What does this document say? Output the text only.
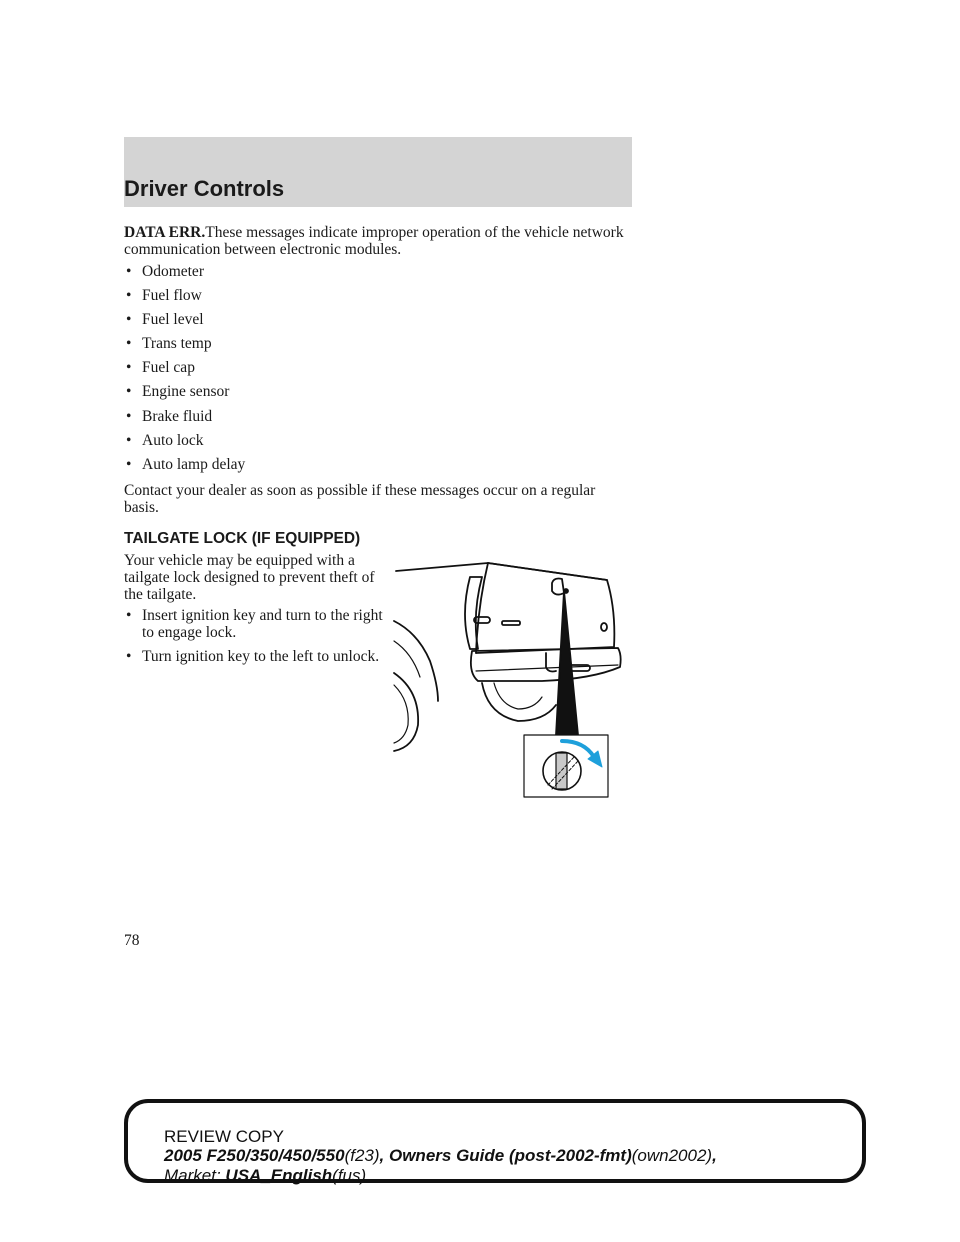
Driver Controls
DATA ERR.These messages indicate improper operation of the vehicle network communication between electronic modules.
• Odometer
• Fuel flow
• Fuel level
• Trans temp
• Fuel cap
• Engine sensor
• Brake fluid
• Auto lock
• Auto lamp delay
Contact your dealer as soon as possible if these messages occur on a regular basis.
TAILGATE LOCK (IF EQUIPPED)
Your vehicle may be equipped with a tailgate lock designed to prevent theft of the tailgate.
• Insert ignition key and turn to the right to engage lock.
• Turn ignition key to the left to unlock.
78
REVIEW COPY
2005 F250/350/450/550(f23), Owners Guide (post-2002-fmt)(own2002),
Market: USA_English(fus)
